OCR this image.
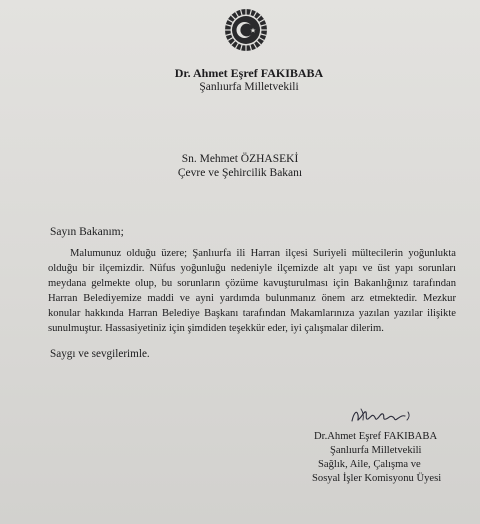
Dr. Ahmet Eşref FAKIBABA
Şanlıurfa Milletvekili
Sn. Mehmet ÖZHASEKİ
Çevre ve Şehircilik Bakanı
Sayın Bakanım;
Malumunuz olduğu üzere; Şanlıurfa ili Harran ilçesi Suriyeli mültecilerin yoğunlukta olduğu bir ilçemizdir. Nüfus yoğunluğu nedeniyle ilçemizde alt yapı ve üst yapı sorunları meydana gelmekte olup, bu sorunların çözüme kavuşturulması için Bakanlığınız tarafından Harran Belediyemize maddi ve ayni yardımda bulunmanız önem arz etmektedir. Mezkur konular hakkında Harran Belediye Başkanı tarafından Makamlarınıza yazılan yazılar ilişikte sunulmuştur. Hassasiyetiniz için şimdiden teşekkür eder, iyi çalışmalar dilerim.
Saygı ve sevgilerimle.
Dr.Ahmet Eşref FAKIBABA
Şanlıurfa Milletvekili
Sağlık, Aile, Çalışma ve
Sosyal İşler Komisyonu Üyesi
